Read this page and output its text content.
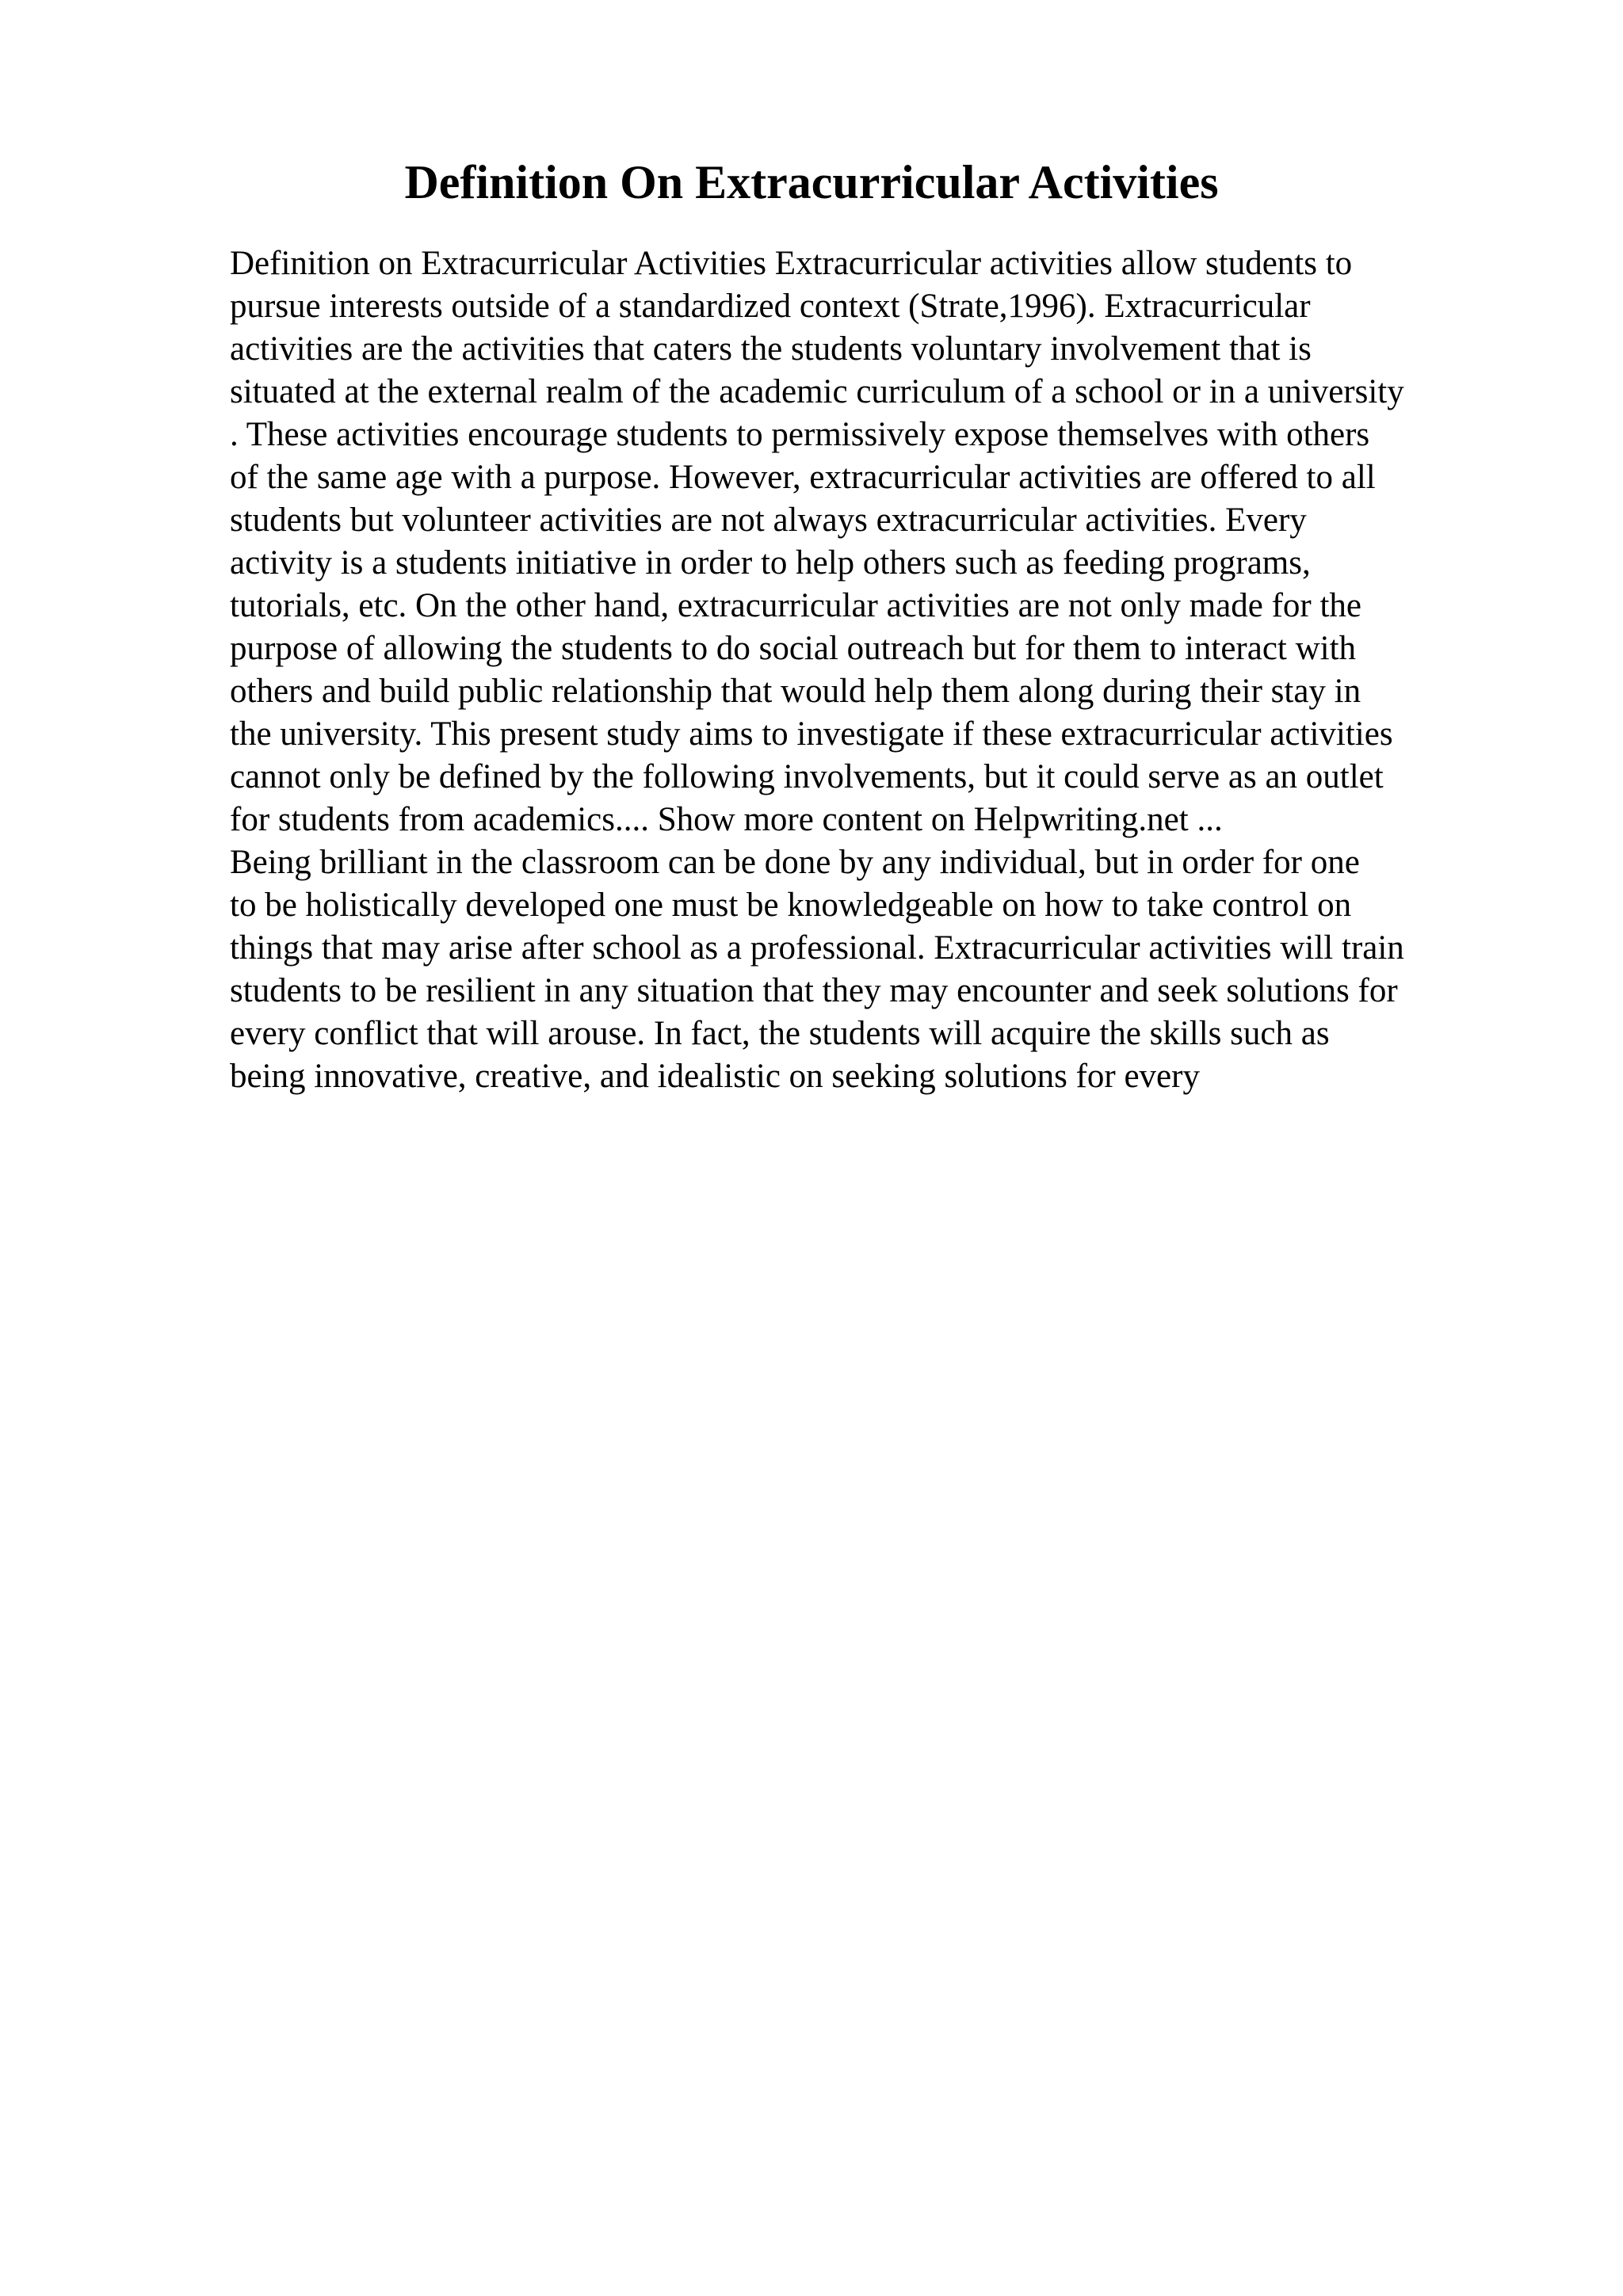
Definition On Extracurricular Activities
Definition on Extracurricular Activities Extracurricular activities allow students to
pursue interests outside of a standardized context (Strate,1996). Extracurricular
activities are the activities that caters the students voluntary involvement that is
situated at the external realm of the academic curriculum of a school or in a university
. These activities encourage students to permissively expose themselves with others
of the same age with a purpose. However, extracurricular activities are offered to all
students but volunteer activities are not always extracurricular activities. Every
activity is a students initiative in order to help others such as feeding programs,
tutorials, etc. On the other hand, extracurricular activities are not only made for the
purpose of allowing the students to do social outreach but for them to interact with
others and build public relationship that would help them along during their stay in
the university. This present study aims to investigate if these extracurricular activities
cannot only be defined by the following involvements, but it could serve as an outlet
for students from academics.... Show more content on Helpwriting.net ...
Being brilliant in the classroom can be done by any individual, but in order for one
to be holistically developed one must be knowledgeable on how to take control on
things that may arise after school as a professional. Extracurricular activities will train
students to be resilient in any situation that they may encounter and seek solutions for
every conflict that will arouse. In fact, the students will acquire the skills such as
being innovative, creative, and idealistic on seeking solutions for every
